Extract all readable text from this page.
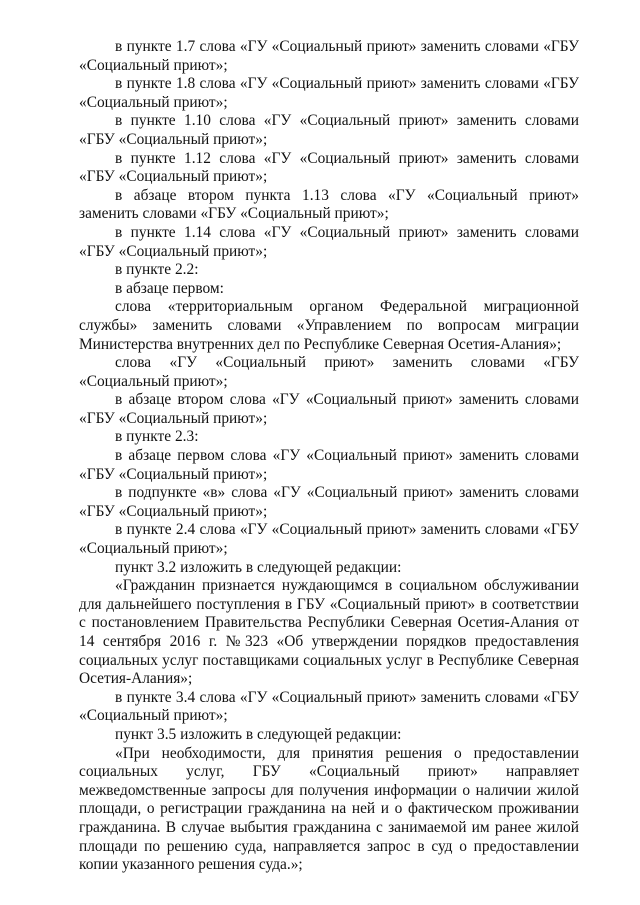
в пункте 1.7 слова «ГУ «Социальный приют» заменить словами «ГБУ «Социальный приют»;

в пункте 1.8 слова «ГУ «Социальный приют» заменить словами «ГБУ «Социальный приют»;

в пункте 1.10 слова «ГУ «Социальный приют» заменить словами «ГБУ «Социальный приют»;

в пункте 1.12 слова «ГУ «Социальный приют» заменить словами «ГБУ «Социальный приют»;

в абзаце втором пункта 1.13 слова «ГУ «Социальный приют» заменить словами «ГБУ «Социальный приют»;

в пункте 1.14 слова «ГУ «Социальный приют» заменить словами «ГБУ «Социальный приют»;

в пункте 2.2:

в абзаце первом:

слова «территориальным органом Федеральной миграционной службы» заменить словами «Управлением по вопросам миграции Министерства внутренних дел по Республике Северная Осетия-Алания»;

слова «ГУ «Социальный приют» заменить словами «ГБУ «Социальный приют»;

в абзаце втором слова «ГУ «Социальный приют» заменить словами «ГБУ «Социальный приют»;

в пункте 2.3:

в абзаце первом слова «ГУ «Социальный приют» заменить словами «ГБУ «Социальный приют»;

в подпункте «в» слова «ГУ «Социальный приют» заменить словами «ГБУ «Социальный приют»;

в пункте 2.4 слова «ГУ «Социальный приют» заменить словами «ГБУ «Социальный приют»;

пункт 3.2 изложить в следующей редакции:

«Гражданин признается нуждающимся в социальном обслуживании для дальнейшего поступления в ГБУ «Социальный приют» в соответствии с постановлением Правительства Республики Северная Осетия-Алания от 14 сентября 2016 г. №323 «Об утверждении порядков предоставления социальных услуг поставщиками социальных услуг в Республике Северная Осетия-Алания»;

в пункте 3.4 слова «ГУ «Социальный приют» заменить словами «ГБУ «Социальный приют»;

пункт 3.5 изложить в следующей редакции:

«При необходимости, для принятия решения о предоставлении социальных услуг, ГБУ «Социальный приют» направляет межведомственные запросы для получения информации о наличии жилой площади, о регистрации гражданина на ней и о фактическом проживании гражданина. В случае выбытия гражданина с занимаемой им ранее жилой площади по решению суда, направляется запрос в суд о предоставлении копии указанного решения суда.»;
